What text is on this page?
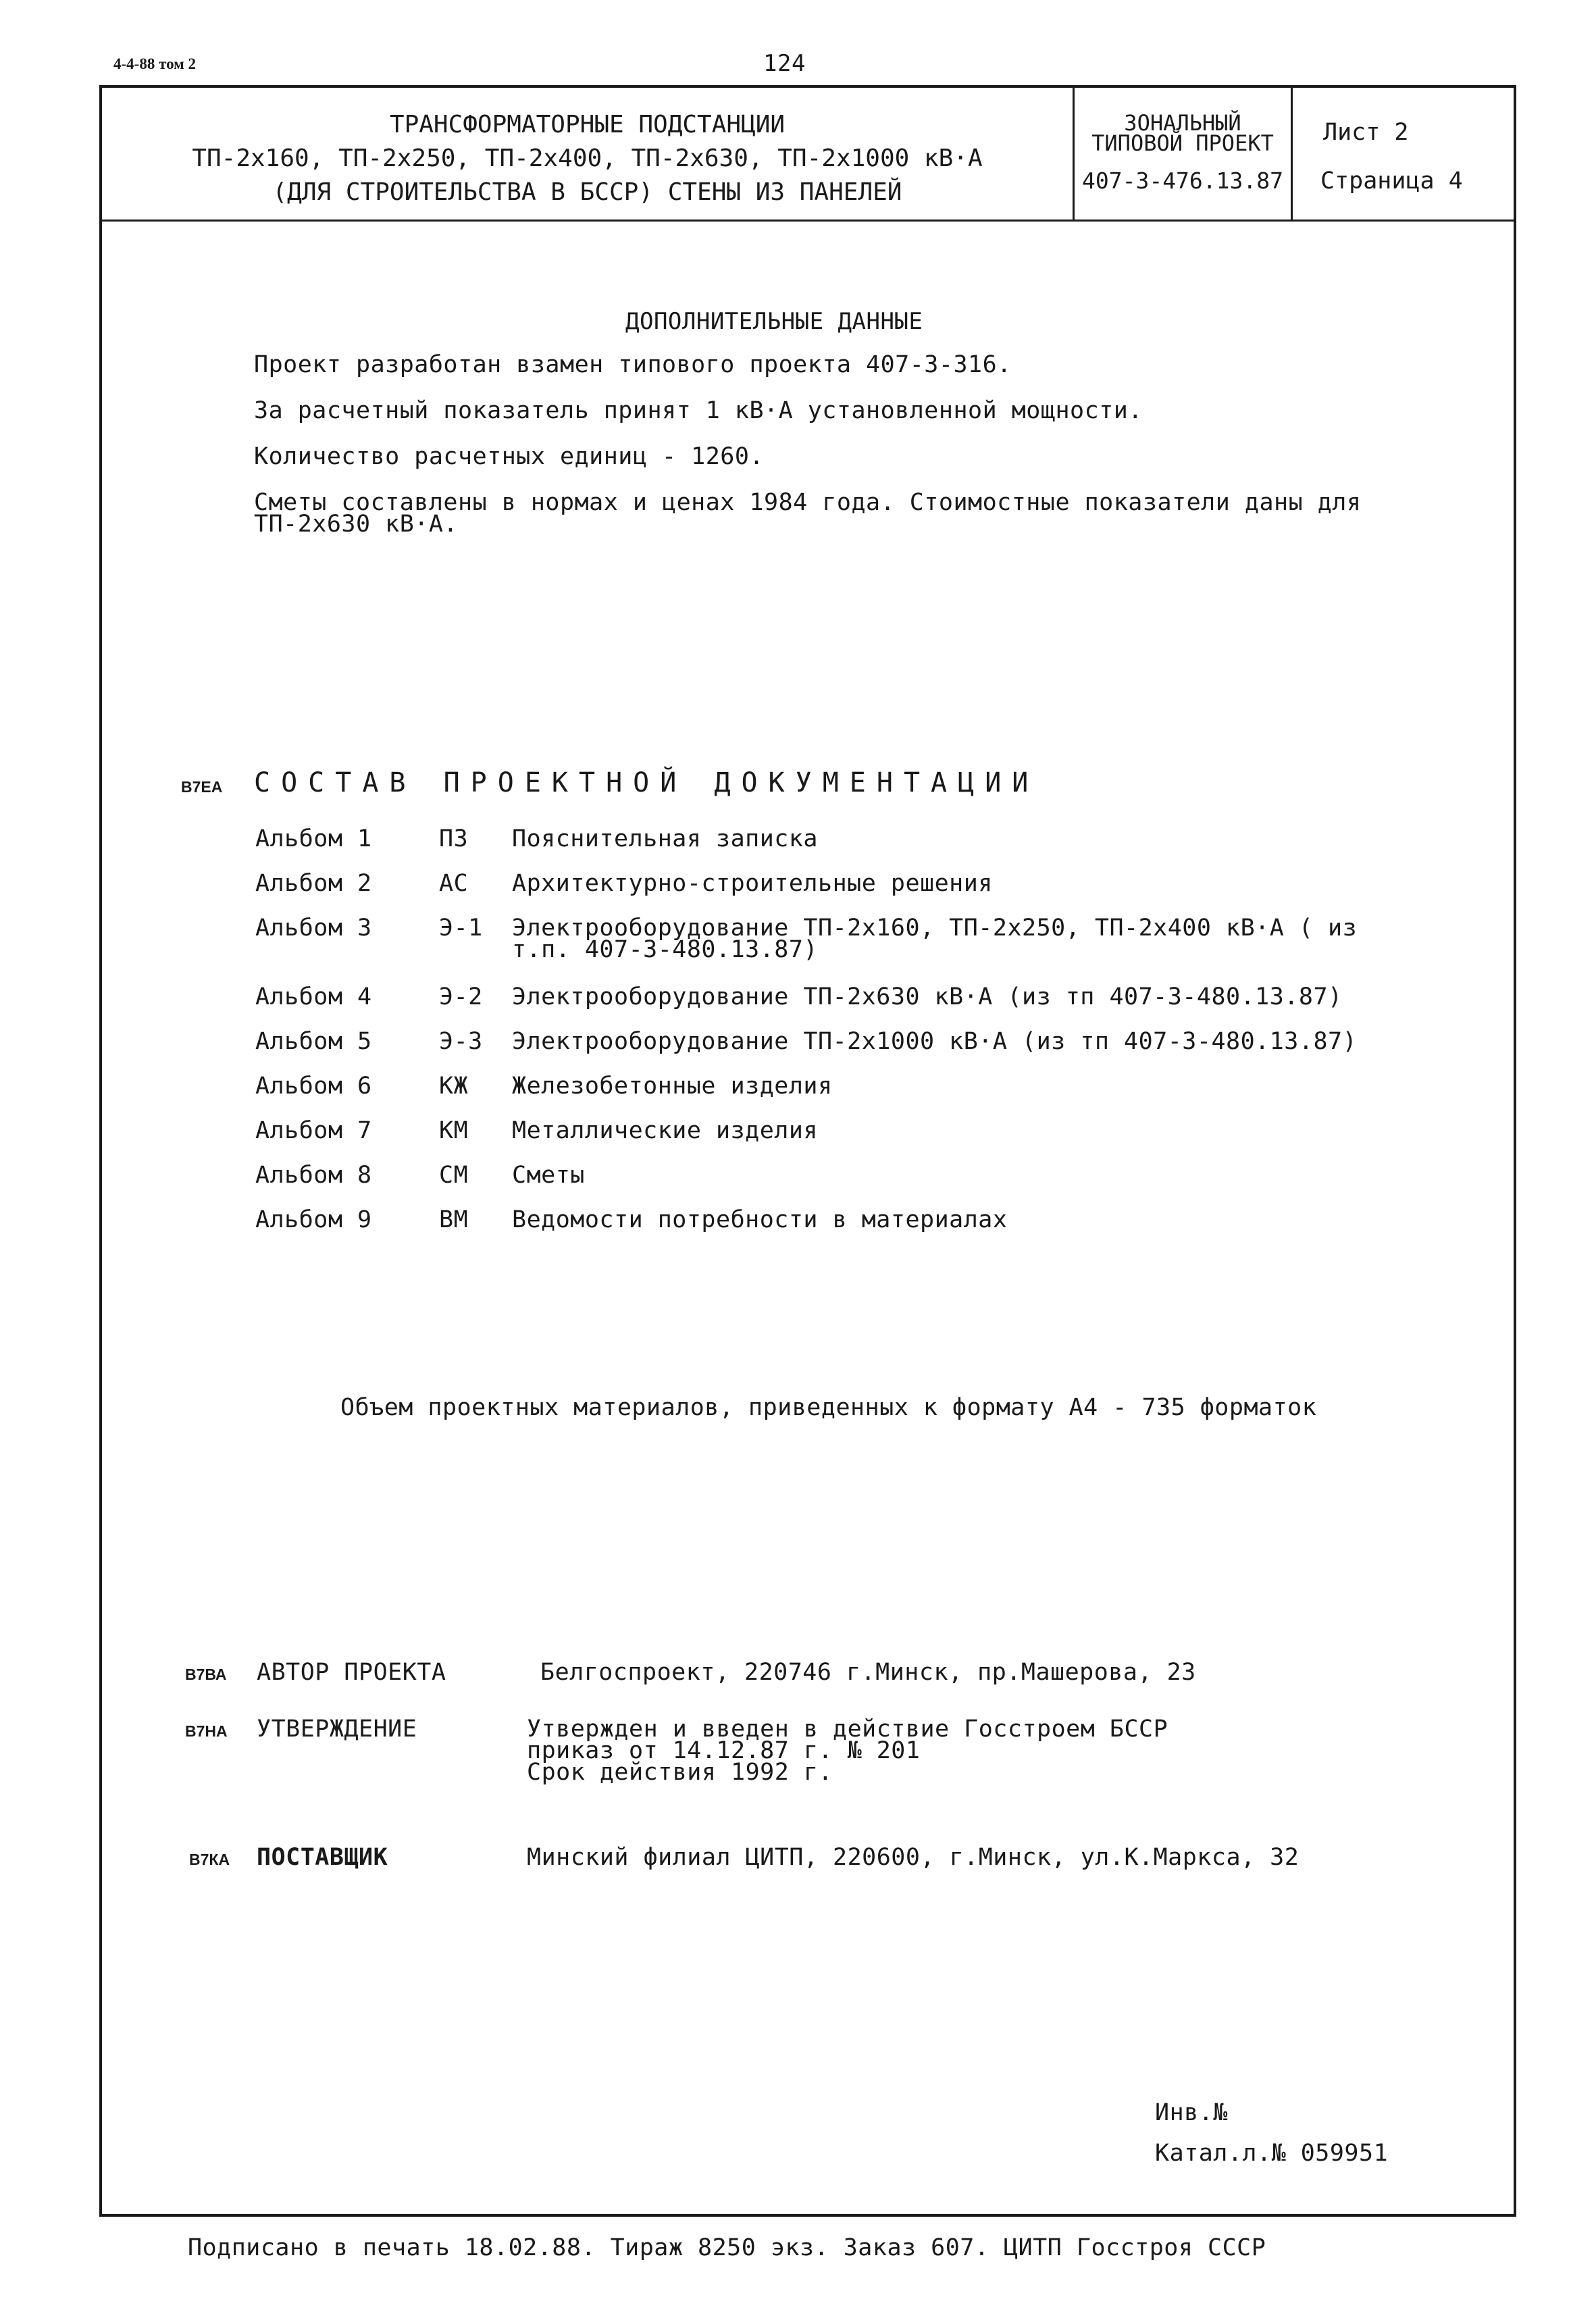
4-4-88 том 2	124
ТРАНСФОРМАТОРНЫЕ ПОДСТАНЦИИ
ТП-2х160, ТП-2х250, ТП-2х400, ТП-2х630, ТП-2х1000 кВ·А
(ДЛЯ СТРОИТЕЛЬСТВА В БССР) СТЕНЫ ИЗ ПАНЕЛЕЙ
ЗОНАЛЬНЫЙ
ТИПОВОЙ ПРОЕКТ
407-3-476.13.87
Лист 2
Страница 4
ДОПОЛНИТЕЛЬНЫЕ ДАННЫЕ
Проект разработан взамен типового проекта 407-3-316.
За расчетный показатель принят 1 кВ·А установленной мощности.
Количество расчетных единиц - 1260.
Сметы составлены в нормах и ценах 1984 года. Стоимостные показатели даны для
ТП-2х630 кВ·А.
В7ЕА СОСТАВ ПРОЕКТНОЙ ДОКУМЕНТАЦИИ
Альбом 1	ПЗ Пояснительная записка
Альбом 2	АС Архитектурно-строительные решения
Альбом 3	Э-1 Электрооборудование ТП-2х160, ТП-2х250, ТП-2х400 кВ·А ( из
т.п. 407-3-480.13.87)
Альбом 4	Э-2 Электрооборудование ТП-2х630 кВ·А (из тп 407-3-480.13.87)
Альбом 5	Э-3 Электрооборудование ТП-2х1000 кВ·А (из тп 407-3-480.13.87)
Альбом 6	КЖ Железобетонные изделия
Альбом 7	КМ Металлические изделия
Альбом 8	СМ Сметы
Альбом 9	ВМ Ведомости потребности в материалах
Объем проектных материалов, приведенных к формату А4 - 735 форматок
В7ВА АВТОР ПРОЕКТА	Белгоспроект, 220746 г.Минск, пр.Машерова, 23
В7НА УТВЕРЖДЕНИЕ	Утвержден и введен в действие Госстроем БССР
приказ от 14.12.87 г. № 201
Срок действия 1992 г.
В7КА ПОСТАВЩИК	Минский филиал ЦИТП, 220600, г.Минск, ул.К.Маркса, 32
Инв.№
Катал.л.№ 059951
Подписано в печать 18.02.88. Тираж 8250 экз. Заказ 607. ЦИТП Госстроя СССР
